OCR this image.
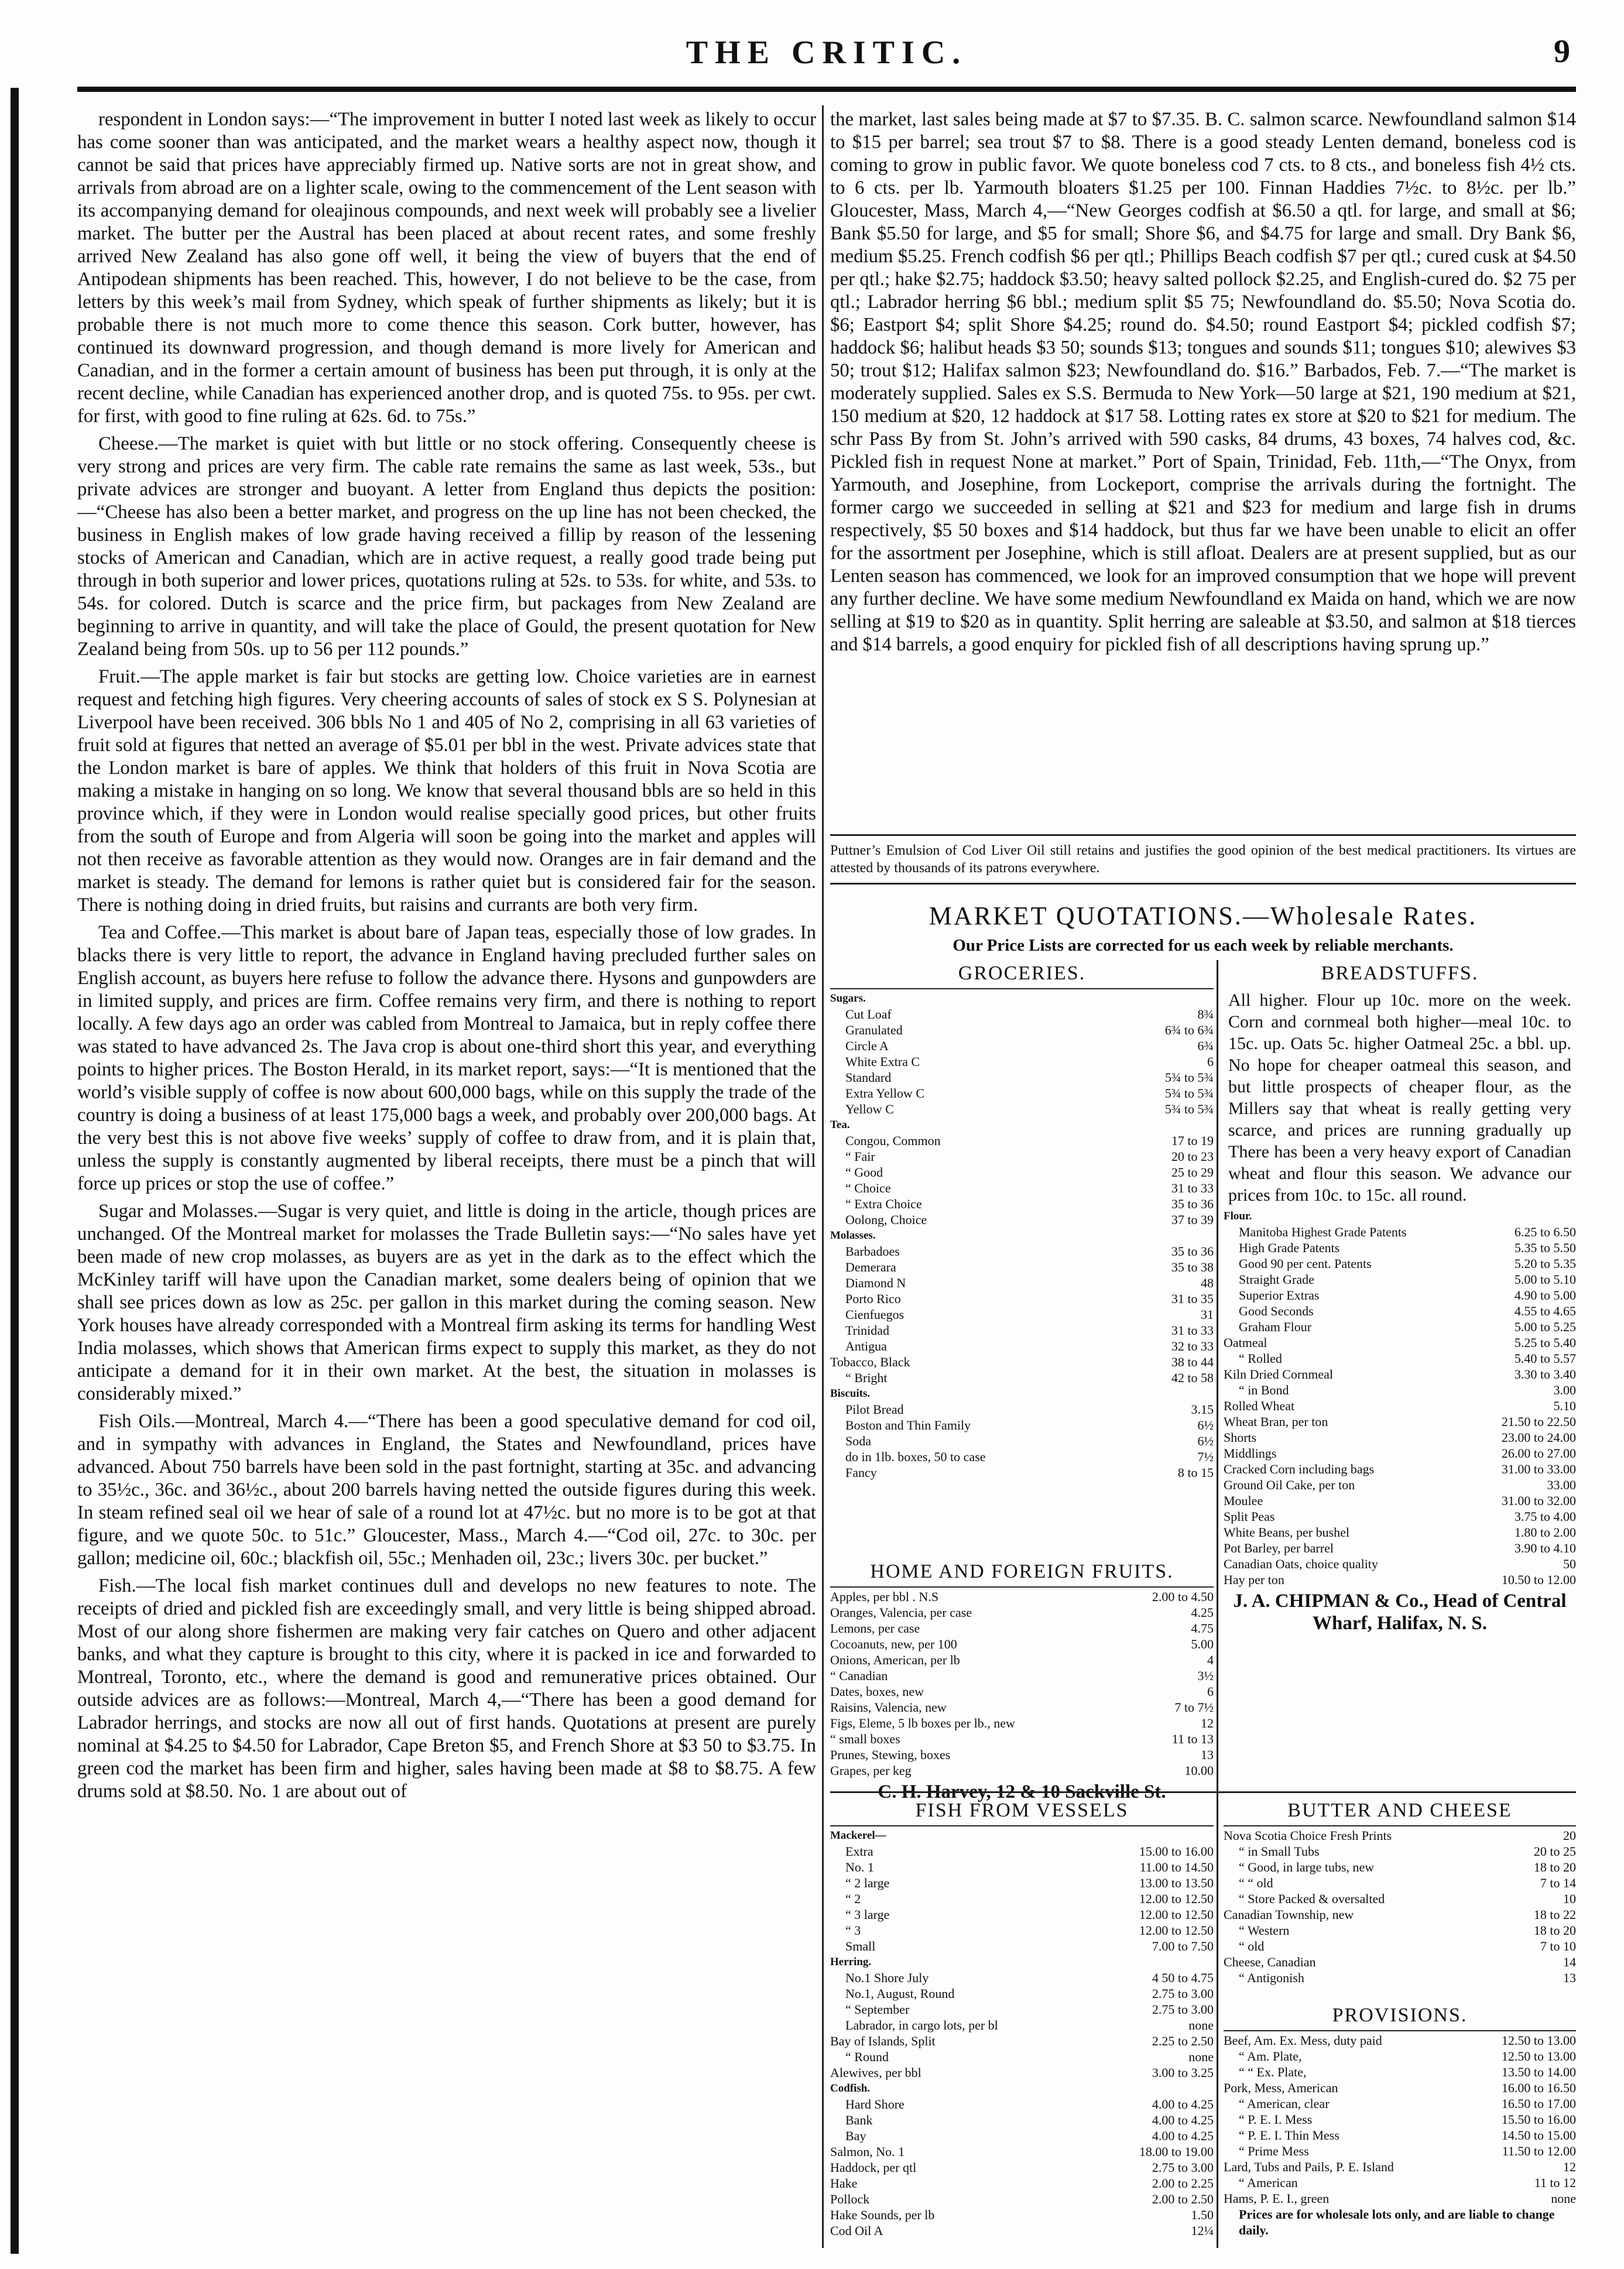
THE CRITIC.	9

respondent in London says:—“The improvement in butter I noted last week as likely to occur has come sooner than was anticipated, and the market wears a healthy aspect now, though it cannot be said that prices have appreciably firmed up. Native sorts are not in great show, and arrivals from abroad are on a lighter scale, owing to the commencement of the Lent season with its accompanying demand for oleajinous compounds, and next week will probably see a livelier market. The butter per the Austral has been placed at about recent rates, and some freshly arrived New Zealand has also gone off well, it being the view of buyers that the end of Antipodean shipments has been reached. This, however, I do not believe to be the case, from letters by this week’s mail from Sydney, which speak of further shipments as likely; but it is probable there is not much more to come thence this season. Cork butter, however, has continued its downward progression, and though demand is more lively for American and Canadian, and in the former a certain amount of business has been put through, it is only at the recent decline, while Canadian has experienced another drop, and is quoted 75s. to 95s. per cwt. for first, with good to fine ruling at 62s. 6d. to 75s.”

Cheese.—The market is quiet with but little or no stock offering. Consequently cheese is very strong and prices are very firm. The cable rate remains the same as last week, 53s., but private advices are stronger and buoyant. A letter from England thus depicts the position:—“Cheese has also been a better market, and progress on the up line has not been checked, the business in English makes of low grade having received a fillip by reason of the lessening stocks of American and Canadian, which are in active request, a really good trade being put through in both superior and lower prices, quotations ruling at 52s. to 53s. for white, and 53s. to 54s. for colored. Dutch is scarce and the price firm, but packages from New Zealand are beginning to arrive in quantity, and will take the place of Gould, the present quotation for New Zealand being from 50s. up to 56 per 112 pounds.”

Fruit.—The apple market is fair but stocks are getting low. Choice varieties are in earnest request and fetching high figures. Very cheering accounts of sales of stock ex S S. Polynesian at Liverpool have been received. 306 bbls No 1 and 405 of No 2, comprising in all 63 varieties of fruit sold at figures that netted an average of $5.01 per bbl in the west. Private advices state that the London market is bare of apples. We think that holders of this fruit in Nova Scotia are making a mistake in hanging on so long. We know that several thousand bbls are so held in this province which, if they were in London would realise specially good prices, but other fruits from the south of Europe and from Algeria will soon be going into the market and apples will not then receive as favorable attention as they would now. Oranges are in fair demand and the market is steady. The demand for lemons is rather quiet but is considered fair for the season. There is nothing doing in dried fruits, but raisins and currants are both very firm.

Tea and Coffee.—This market is about bare of Japan teas, especially those of low grades. In blacks there is very little to report, the advance in England having precluded further sales on English account, as buyers here refuse to follow the advance there. Hysons and gunpowders are in limited supply, and prices are firm. Coffee remains very firm, and there is nothing to report locally. A few days ago an order was cabled from Montreal to Jamaica, but in reply coffee there was stated to have advanced 2s. The Java crop is about one-third short this year, and everything points to higher prices. The Boston Herald, in its market report, says:—“It is mentioned that the world’s visible supply of coffee is now about 600,000 bags, while on this supply the trade of the country is doing a business of at least 175,000 bags a week, and probably over 200,000 bags. At the very best this is not above five weeks’ supply of coffee to draw from, and it is plain that, unless the supply is constantly augmented by liberal receipts, there must be a pinch that will force up prices or stop the use of coffee.”

Sugar and Molasses.—Sugar is very quiet, and little is doing in the article, though prices are unchanged. Of the Montreal market for molasses the Trade Bulletin says:—“No sales have yet been made of new crop molasses, as buyers are as yet in the dark as to the effect which the McKinley tariff will have upon the Canadian market, some dealers being of opinion that we shall see prices down as low as 25c. per gallon in this market during the coming season. New York houses have already corresponded with a Montreal firm asking its terms for handling West India molasses, which shows that American firms expect to supply this market, as they do not anticipate a demand for it in their own market. At the best, the situation in molasses is considerably mixed.”

Fish Oils.—Montreal, March 4.—“There has been a good speculative demand for cod oil, and in sympathy with advances in England, the States and Newfoundland, prices have advanced. About 750 barrels have been sold in the past fortnight, starting at 35c. and advancing to 35½c., 36c. and 36½c., about 200 barrels having netted the outside figures during this week. In steam refined seal oil we hear of sale of a round lot at 47½c. but no more is to be got at that figure, and we quote 50c. to 51c.” Gloucester, Mass., March 4.—“Cod oil, 27c. to 30c. per gallon; medicine oil, 60c.; blackfish oil, 55c.; Menhaden oil, 23c.; livers 30c. per bucket.”

Fish.—The local fish market continues dull and develops no new features to note. The receipts of dried and pickled fish are exceedingly small, and very little is being shipped abroad. Most of our along shore fishermen are making very fair catches on Quero and other adjacent banks, and what they capture is brought to this city, where it is packed in ice and forwarded to Montreal, Toronto, etc., where the demand is good and remunerative prices obtained. Our outside advices are as follows:—Montreal, March 4,—“There has been a good demand for Labrador herrings, and stocks are now all out of first hands. Quotations at present are purely nominal at $4.25 to $4.50 for Labrador, Cape Breton $5, and French Shore at $3 50 to $3.75. In green cod the market has been firm and higher, sales having been made at $8 to $8.75. A few drums sold at $8.50. No. 1 are about out of

the market, last sales being made at $7 to $7.35. B. C. salmon scarce. Newfoundland salmon $14 to $15 per barrel; sea trout $7 to $8. There is a good steady Lenten demand, boneless cod is coming to grow in public favor. We quote boneless cod 7 cts. to 8 cts., and boneless fish 4½ cts. to 6 cts. per lb. Yarmouth bloaters $1.25 per 100. Finnan Haddies 7½c. to 8½c. per lb.” Gloucester, Mass, March 4,—“New Georges codfish at $6.50 a qtl. for large, and small at $6; Bank $5.50 for large, and $5 for small; Shore $6, and $4.75 for large and small. Dry Bank $6, medium $5.25. French codfish $6 per qtl.; Phillips Beach codfish $7 per qtl.; cured cusk at $4.50 per qtl.; hake $2.75; haddock $3.50; heavy salted pollock $2.25, and English-cured do. $2 75 per qtl.; Labrador herring $6 bbl.; medium split $5 75; Newfoundland do. $5.50; Nova Scotia do. $6; Eastport $4; split Shore $4.25; round do. $4.50; round Eastport $4; pickled codfish $7; haddock $6; halibut heads $3 50; sounds $13; tongues and sounds $11; tongues $10; alewives $3 50; trout $12; Halifax salmon $23; Newfoundland do. $16.” Barbados, Feb. 7.—“The market is moderately supplied. Sales ex S.S. Bermuda to New York—50 large at $21, 190 medium at $21, 150 medium at $20, 12 haddock at $17 58. Lotting rates ex store at $20 to $21 for medium. The schr Pass By from St. John’s arrived with 590 casks, 84 drums, 43 boxes, 74 halves cod, &c. Pickled fish in request None at market.” Port of Spain, Trinidad, Feb. 11th,—“The Onyx, from Yarmouth, and Josephine, from Lockeport, comprise the arrivals during the fortnight. The former cargo we succeeded in selling at $21 and $23 for medium and large fish in drums respectively, $5 50 boxes and $14 haddock, but thus far we have been unable to elicit an offer for the assortment per Josephine, which is still afloat. Dealers are at present supplied, but as our Lenten season has commenced, we look for an improved consumption that we hope will prevent any further decline. We have some medium Newfoundland ex Maida on hand, which we are now selling at $19 to $20 as in quantity. Split herring are saleable at $3.50, and salmon at $18 tierces and $14 barrels, a good enquiry for pickled fish of all descriptions having sprung up.”

Puttner’s Emulsion of Cod Liver Oil still retains and justifies the good opinion of the best medical practitioners. Its virtues are attested by thousands of its patrons everywhere.
MARKET QUOTATIONS.—Wholesale Rates.
Our Price Lists are corrected for us each week by reliable merchants.
GROCERIES.
Sugars.
Cut Loaf	8¾
Granulated	6¾ to 6¾
Circle A	6¾
White Extra C	6
Standard	5¾ to 5¾
Extra Yellow C	5¾ to 5¾
Yellow C	5¾ to 5¾
Tea.
Congou, Common	17 to 19
“ Fair	20 to 23
“ Good	25 to 29
“ Choice	31 to 33
“ Extra Choice	35 to 36
Oolong, Choice	37 to 39
Molasses.
Barbadoes	35 to 36
Demerara	35 to 38
Diamond N	48
Porto Rico	31 to 35
Cienfuegos	31
Trinidad	31 to 33
Antigua	32 to 33
Tobacco, Black	38 to 44
“ Bright	42 to 58
Biscuits.
Pilot Bread	3.15
Boston and Thin Family	6½
Soda	6½
do in 1lb. boxes, 50 to case	7½
Fancy	8 to 15
HOME AND FOREIGN FRUITS.
Apples, per bbl . N.S	2.00 to 4.50
Oranges, Valencia, per case	4.25
Lemons, per case	4.75
Cocoanuts, new, per 100	5.00
Onions, American, per lb	4
“ Canadian	3½
Dates, boxes, new	6
Raisins, Valencia, new	7 to 7½
Figs, Eleme, 5 lb boxes per lb., new	12
“ small boxes	11 to 13
Prunes, Stewing, boxes	13
Grapes, per keg	10.00
C. H. Harvey, 12 & 10 Sackville St.
BREADSTUFFS.
All higher. Flour up 10c. more on the week. Corn and cornmeal both higher—meal 10c. to 15c. up. Oats 5c. higher Oatmeal 25c. a bbl. up. No hope for cheaper oatmeal this season, and but little prospects of cheaper flour, as the Millers say that wheat is really getting very scarce, and prices are running gradually up There has been a very heavy export of Canadian wheat and flour this season. We advance our prices from 10c. to 15c. all round.
Flour.
Manitoba Highest Grade Patents	6.25 to 6.50
High Grade Patents	5.35 to 5.50
Good 90 per cent. Patents	5.20 to 5.35
Straight Grade	5.00 to 5.10
Superior Extras	4.90 to 5.00
Good Seconds	4.55 to 4.65
Graham Flour	5.00 to 5.25
Oatmeal	5.25 to 5.40
“ Rolled	5.40 to 5.57
Kiln Dried Cornmeal	3.30 to 3.40
“ in Bond	3.00
Rolled Wheat	5.10
Wheat Bran, per ton	21.50 to 22.50
Shorts	23.00 to 24.00
Middlings	26.00 to 27.00
Cracked Corn including bags	31.00 to 33.00
Ground Oil Cake, per ton	33.00
Moulee	31.00 to 32.00
Split Peas	3.75 to 4.00
White Beans, per bushel	1.80 to 2.00
Pot Barley, per barrel	3.90 to 4.10
Canadian Oats, choice quality	50
Hay per ton	10.50 to 12.00
J. A. CHIPMAN & Co., Head of Central Wharf, Halifax, N. S.
FISH FROM VESSELS
Mackerel—
Extra	15.00 to 16.00
No. 1	11.00 to 14.50
“ 2 large	13.00 to 13.50
“ 2	12.00 to 12.50
“ 3 large	12.00 to 12.50
“ 3	12.00 to 12.50
Small	7.00 to 7.50
Herring.
No.1 Shore July	4 50 to 4.75
No.1, August, Round	2.75 to 3.00
“ September	2.75 to 3.00
Labrador, in cargo lots, per bl	none
Bay of Islands, Split	2.25 to 2.50
“ Round	none
Alewives, per bbl	3.00 to 3.25
Codfish.
Hard Shore	4.00 to 4.25
Bank	4.00 to 4.25
Bay	4.00 to 4.25
Salmon, No. 1	18.00 to 19.00
Haddock, per qtl	2.75 to 3.00
Hake	2.00 to 2.25
Pollock	2.00 to 2.50
Hake Sounds, per lb	1.50
Cod Oil A	12¼
BUTTER AND CHEESE
Nova Scotia Choice Fresh Prints	20
“ in Small Tubs	20 to 25
“ Good, in large tubs, new	18 to 20
“ “ old	7 to 14
“ Store Packed & oversalted	10
Canadian Township, new	18 to 22
“ Western	18 to 20
“ old	7 to 10
Cheese, Canadian	14
“ Antigonish	13
PROVISIONS.
Beef, Am. Ex. Mess, duty paid	12.50 to 13.00
“ Am. Plate,	12.50 to 13.00
“ “ Ex. Plate,	13.50 to 14.00
Pork, Mess, American	16.00 to 16.50
“ American, clear	16.50 to 17.00
“ P. E. I. Mess	15.50 to 16.00
“ P. E. I. Thin Mess	14.50 to 15.00
“ Prime Mess	11.50 to 12.00
Lard, Tubs and Pails, P. E. Island	12
“ American	11 to 12
Hams, P. E. I., green	none
Prices are for wholesale lots only, and are liable to change daily.
